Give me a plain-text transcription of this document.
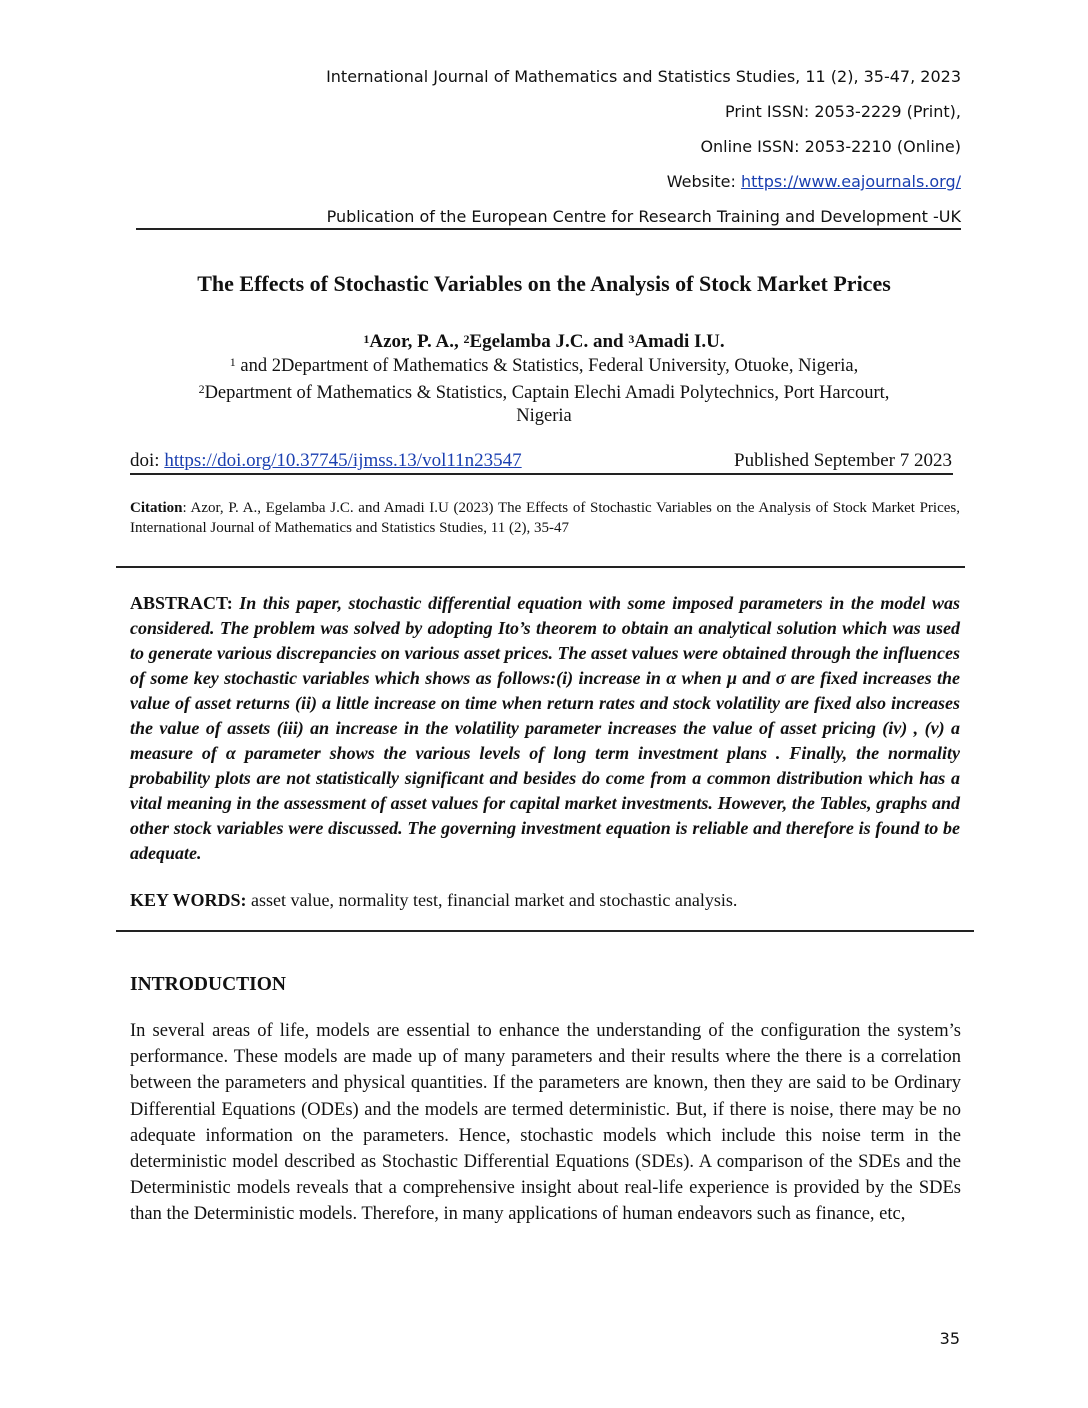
International Journal of Mathematics and Statistics Studies, 11 (2), 35-47, 2023
Print ISSN: 2053-2229 (Print),
Online ISSN: 2053-2210 (Online)
Website: https://www.eajournals.org/
Publication of the European Centre for Research Training and Development -UK
The Effects of Stochastic Variables on the Analysis of Stock Market Prices
$^1$Azor, P. A., $^2$Egelamba J.C. and $^3$Amadi I.U.
$^1$ and 2Department of Mathematics & Statistics, Federal University, Otuoke, Nigeria,
$^2$Department of Mathematics & Statistics, Captain Elechi Amadi Polytechnics, Port Harcourt,
Nigeria
doi: https://doi.org/10.37745/ijmss.13/vol11n23547	Published September 7 2023
Citation: Azor, P. A., Egelamba J.C. and Amadi I.U (2023) The Effects of Stochastic Variables on the Analysis of Stock Market Prices, International Journal of Mathematics and Statistics Studies, 11 (2), 35-47
ABSTRACT: In this paper, stochastic differential equation with some imposed parameters in the model was considered. The problem was solved by adopting Ito’s theorem to obtain an analytical solution which was used to generate various discrepancies on various asset prices. The asset values were obtained through the influences of some key stochastic variables which shows as follows:(i) increase in α when μ and σ are fixed increases the value of asset returns (ii) a little increase on time when return rates and stock volatility are fixed also increases the value of assets (iii) an increase in the volatility parameter increases the value of asset pricing (iv) , (v) a measure of α parameter shows the various levels of long term investment plans . Finally, the normality probability plots are not statistically significant and besides do come from a common distribution which has a vital meaning in the assessment of asset values for capital market investments. However, the Tables, graphs and other stock variables were discussed. The governing investment equation is reliable and therefore is found to be adequate.
KEY WORDS: asset value, normality test, financial market and stochastic analysis.
INTRODUCTION
In several areas of life, models are essential to enhance the understanding of the configuration the system’s performance. These models are made up of many parameters and their results where the there is a correlation between the parameters and physical quantities. If the parameters are known, then they are said to be Ordinary Differential Equations (ODEs) and the models are termed deterministic. But, if there is noise, there may be no adequate information on the parameters. Hence, stochastic models which include this noise term in the deterministic model described as Stochastic Differential Equations (SDEs). A comparison of the SDEs and the Deterministic models reveals that a comprehensive insight about real-life experience is provided by the SDEs than the Deterministic models. Therefore, in many applications of human endeavors such as finance, etc,
35
